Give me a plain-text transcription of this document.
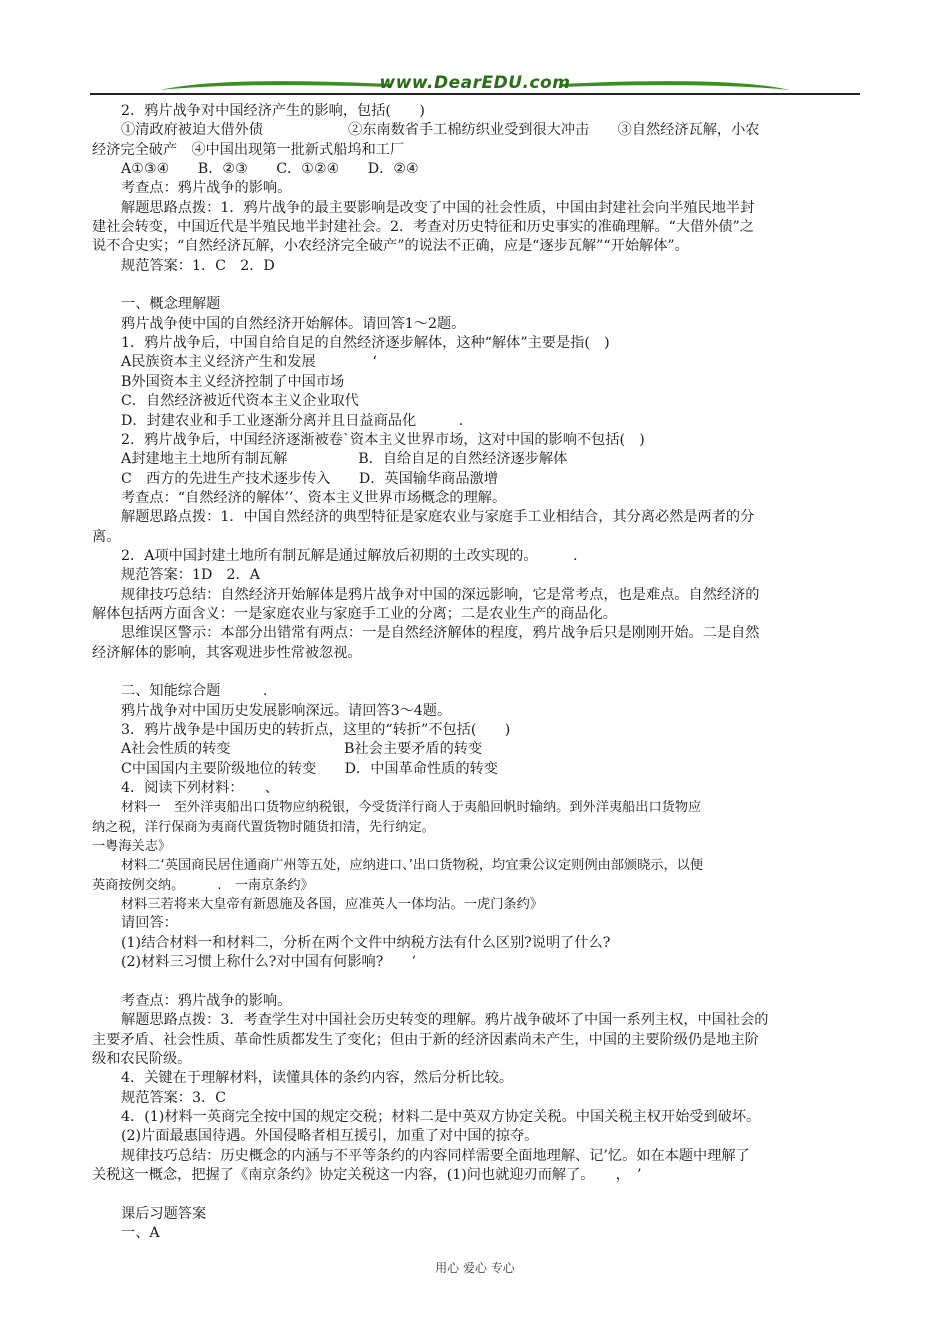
www.DearEDU.com
2．鸦片战争对中国经济产生的影响，包括(　　)
①清政府被迫大借外债　　　　　　②东南数省手工棉纺织业受到很大冲击　　③自然经济瓦解，小农
经济完全破产　④中国出现第一批新式船坞和工厂
A①③④　　B．②③　　C．①②④　　D．②④
考查点：鸦片战争的影响。
解题思路点拨：1．鸦片战争的最主要影响是改变了中国的社会性质，中国由封建社会向半殖民地半封
建社会转变，中国近代是半殖民地半封建社会。2．考查对历史特征和历史事实的准确理解。“大借外债”之
说不合史实；“自然经济瓦解，小农经济完全破产”的说法不正确，应是“逐步瓦解”“开始解体”。
规范答案：1．C　2．D
一、概念理解题
鸦片战争使中国的自然经济开始解体。请回答1～2题。
1．鸦片战争后，中国自给自足的自然经济逐步解体，这种“解体”主要是指(　)
A民族资本主义经济产生和发展　　　　‘
B外国资本主义经济控制了中国市场
C．自然经济被近代资本主义企业取代
D．封建农业和手工业逐渐分离并且日益商品化　　　.
2．鸦片战争后，中国经济逐渐被卷`资本主义世界市场，这对中国的影响不包括(　)
A封建地主土地所有制瓦解　　　　　B．自给自足的自然经济逐步解体
C　西方的先进生产技术逐步传入　　D．英国输华商品激增
考查点：“自然经济的解体’’、资本主义世界市场概念的理解。
解题思路点拨：1．中国自然经济的典型特征是家庭农业与家庭手工业相结合，其分离必然是两者的分
离。
2．A项中国封建土地所有制瓦解是通过解放后初期的土改实现的。　　　.
规范答案：1D　2．A
规律技巧总结：自然经济开始解体是鸦片战争对中国的深远影响，它是常考点，也是难点。自然经济的
解体包括两方面含义：一是家庭农业与家庭手工业的分离；二是农业生产的商品化。
思维误区警示：本部分出错常有两点：一是自然经济解体的程度，鸦片战争后只是刚刚开始。二是自然
经济解体的影响，其客观进步性常被忽视。
二、知能综合题　　　.
鸦片战争对中国历史发展影响深远。请回答3～4题。
3．鸦片战争是中国历史的转折点，这里的“转折”不包括(　　)
A社会性质的转变　　　　　　　　B社会主要矛盾的转变
C中国国内主要阶级地位的转变　　D．中国革命性质的转变
4．阅读下列材料：　　、
材料一　至外洋夷船出口货物应纳税银，今受货洋行商人于夷船回帆时输纳。到外洋夷船出口货物应
纳之税，洋行保商为夷商代置货物时随货扣清，先行纳定。
一粤海关志》
材料二‘英国商民居住通商广州等五处，应纳进口、’出口货物税，均宜秉公议定则例由部颁晓示，以便
英商按例交纳。　　　.　一南京条约》
材料三若将来大皇帝有新恩施及各国，应准英人一体均沾。一虎门条约》
请回答：
(1)结合材料一和材料二，分析在两个文件中纳税方法有什么区别?说明了什么?
(2)材料三习惯上称什么?对中国有何影响?　　’
考查点：鸦片战争的影响。
解题思路点拨：3．考查学生对中国社会历史转变的理解。鸦片战争破坏了中国一系列主权，中国社会的
主要矛盾、社会性质、革命性质都发生了变化；但由于新的经济因素尚未产生，中国的主要阶级仍是地主阶
级和农民阶级。
4．关键在于理解材料，读懂具体的条约内容，然后分析比较。
规范答案：3．C
4．(1)材料一英商完全按中国的规定交税；材料二是中英双方协定关税。中国关税主权开始受到破坏。
(2)片面最惠国待遇。外国侵略者相互援引，加重了对中国的掠夺。
规律技巧总结：历史概念的内涵与不平等条约的内容同样需要全面地理解、记’忆。如在本题中理解了
关税这一概念，把握了《南京条约》协定关税这一内容，(1)问也就迎刃而解了。　　，　’
课后习题答案
一、A
用心 爱心 专心
